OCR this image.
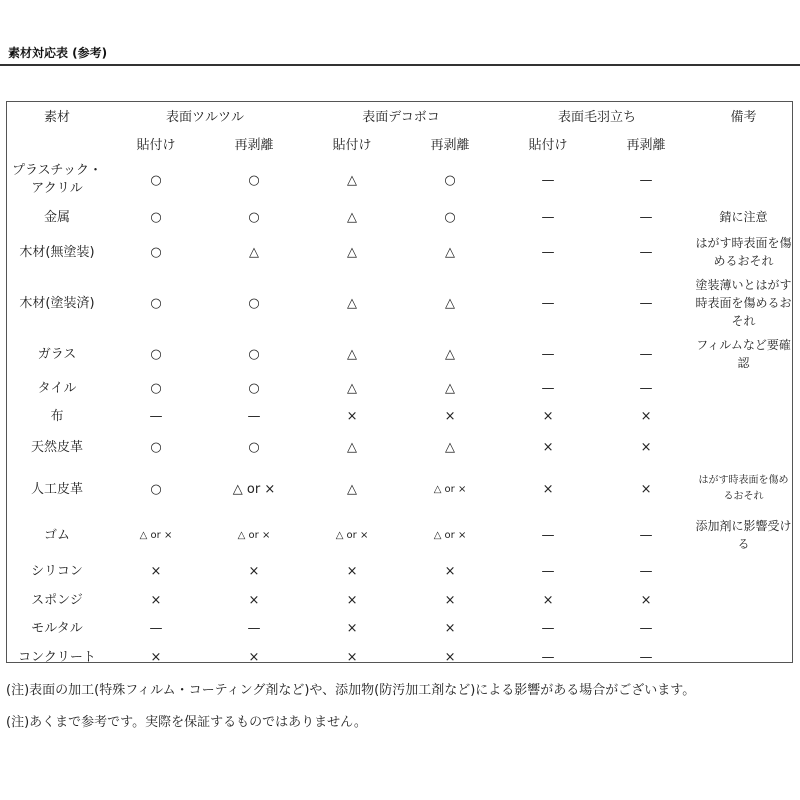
素材対応表 (参考)
素材	表面ツルツル		表面デコボコ		表面毛羽立ち		備考
	貼付け	再剥離	貼付け	再剥離	貼付け	再剥離	
プラスチック・アクリル	○	○	△	○	—	—	
金属	○	○	△	○	—	—	錆に注意
木材(無塗装)	○	△	△	△	—	—	はがす時表面を傷めるおそれ
木材(塗装済)	○	○	△	△	—	—	塗装薄いとはがす時表面を傷めるおそれ
ガラス	○	○	△	△	—	—	フィルムなど要確認
タイル	○	○	△	△	—	—	
布	—	—	×	×	×	×	
天然皮革	○	○	△	△	×	×	
人工皮革	○	△ or ×	△	△ or ×	×	×	はがす時表面を傷めるおそれ
ゴム	△ or ×	△ or ×	△ or ×	△ or ×	—	—	添加剤に影響受ける
シリコン	×	×	×	×	—	—	
スポンジ	×	×	×	×	×	×	
モルタル	—	—	×	×	—	—	
コンクリート	×	×	×	×	—	—	
(注)表面の加工(特殊フィルム・コーティング剤など)や、添加物(防汚加工剤など)による影響がある場合がございます。
(注)あくまで参考です。実際を保証するものではありません。
